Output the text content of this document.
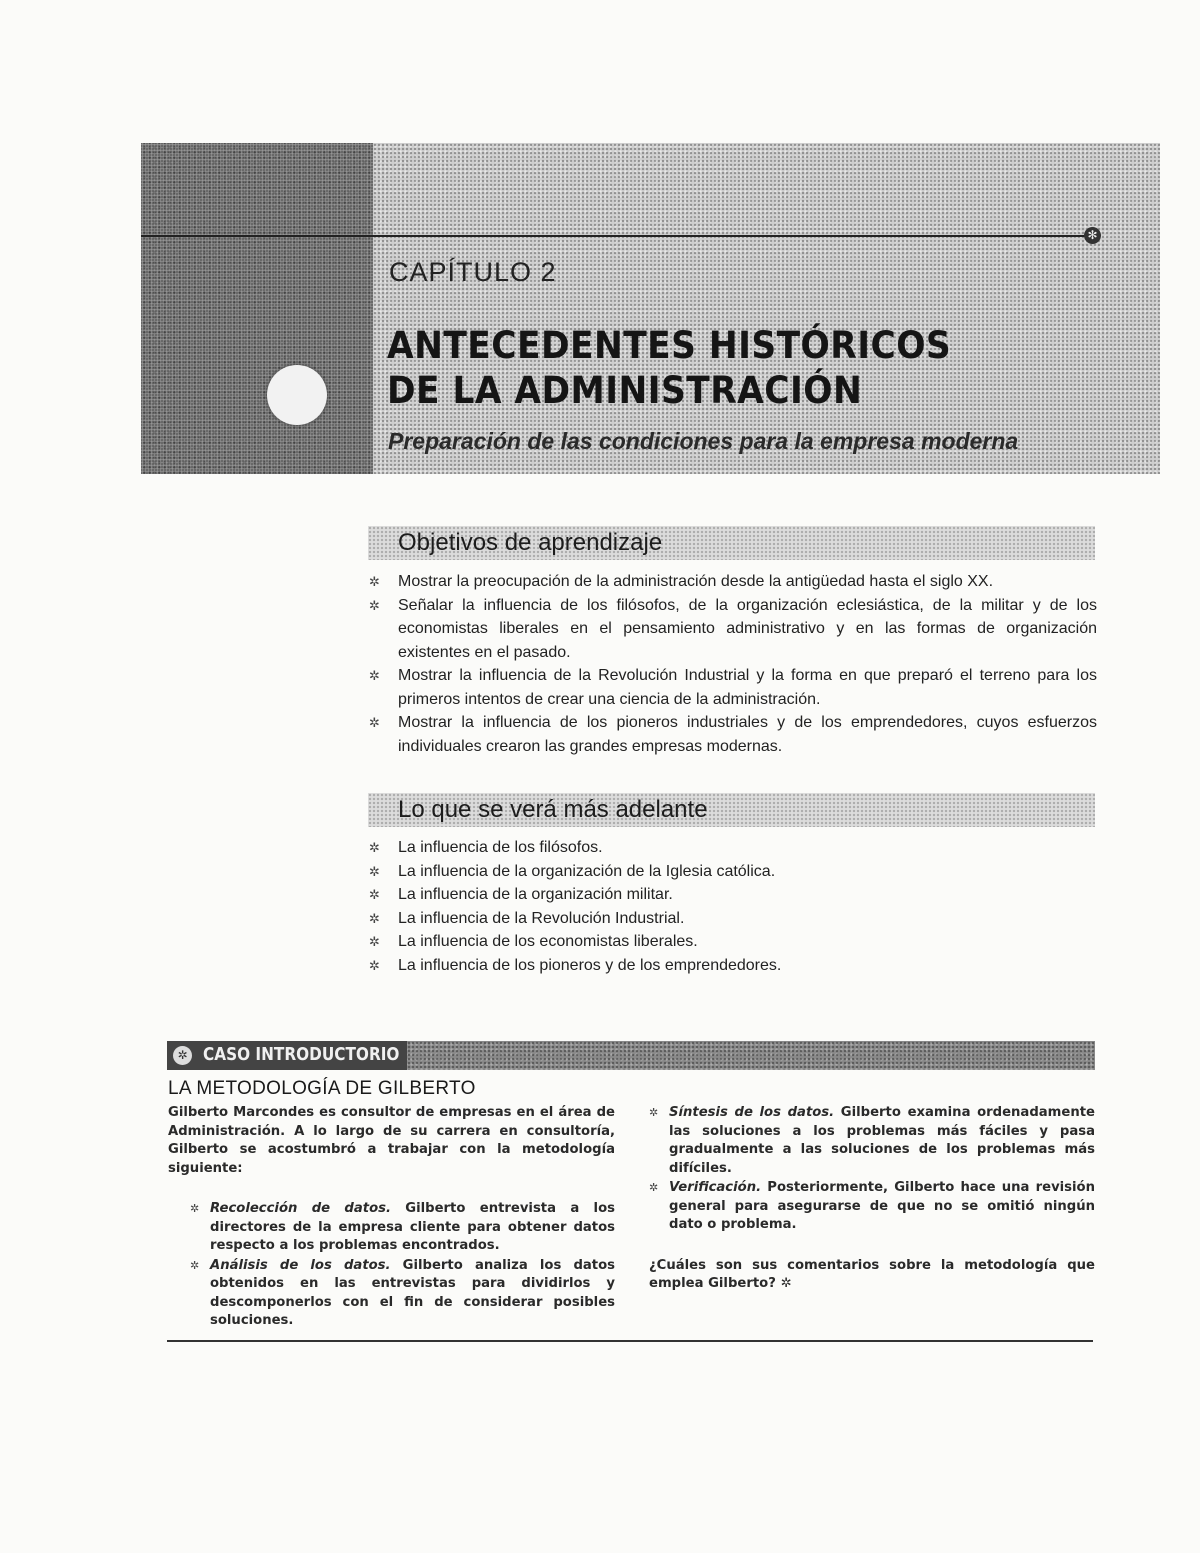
✻
CAPÍTULO 2
ANTECEDENTES HISTÓRICOS
DE LA ADMINISTRACIÓN
Preparación de las condiciones para la empresa moderna
Objetivos de aprendizaje
✲ Mostrar la preocupación de la administración desde la antigüedad hasta el siglo XX.
✲ Señalar la influencia de los filósofos, de la organización eclesiástica, de la militar y de los economistas liberales en el pensamiento administrativo y en las formas de organización existentes en el pasado.
✲ Mostrar la influencia de la Revolución Industrial y la forma en que preparó el terreno para los primeros intentos de crear una ciencia de la administración.
✲ Mostrar la influencia de los pioneros industriales y de los emprendedores, cuyos esfuerzos individuales crearon las grandes empresas modernas.
Lo que se verá más adelante
✲ La influencia de los filósofos.
✲ La influencia de la organización de la Iglesia católica.
✲ La influencia de la organización militar.
✲ La influencia de la Revolución Industrial.
✲ La influencia de los economistas liberales.
✲ La influencia de los pioneros y de los emprendedores.
✲ CASO INTRODUCTORIO
LA METODOLOGÍA DE GILBERTO

Gilberto Marcondes es consultor de empresas en el área de Administración. A lo largo de su carrera en consultoría, Gilberto se acostumbró a trabajar con la metodología siguiente:

✲ Recolección de datos. Gilberto entrevista a los directores de la empresa cliente para obtener datos respecto a los problemas encontrados.
✲ Análisis de los datos. Gilberto analiza los datos obtenidos en las entrevistas para dividirlos y descomponerlos con el fin de considerar posibles soluciones.
✲ Síntesis de los datos. Gilberto examina ordenadamente las soluciones a los problemas más fáciles y pasa gradualmente a las soluciones de los problemas más difíciles.
✲ Verificación. Posteriormente, Gilberto hace una revisión general para asegurarse de que no se omitió ningún dato o problema.

¿Cuáles son sus comentarios sobre la metodología que emplea Gilberto? ✲
